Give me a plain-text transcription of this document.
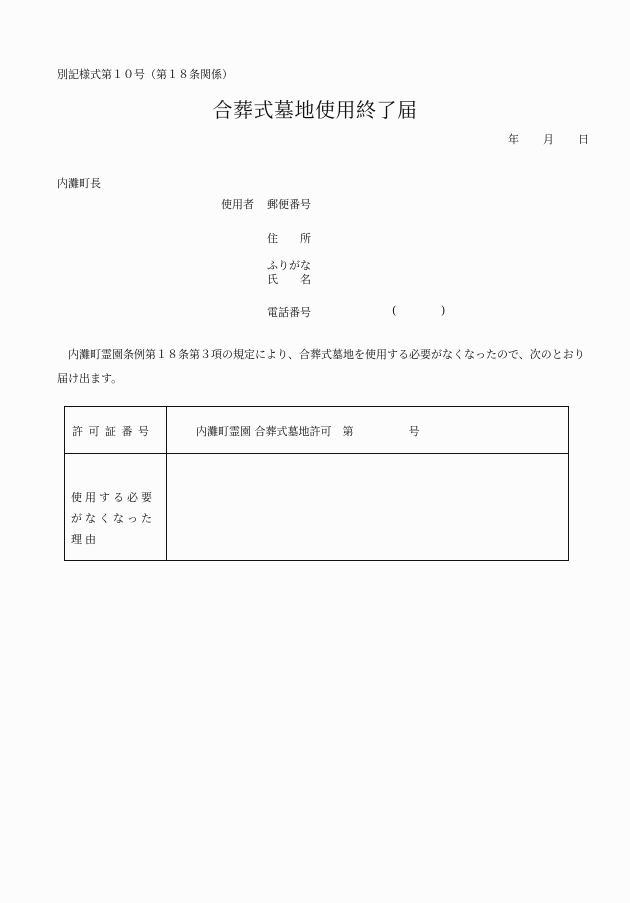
別記様式第１０号（第１８条関係）
合葬式墓地使用終了届
年 月 日
内灘町長
使用者 郵便番号
住　　所
ふりがな
氏　　名
電話番号	(	)
内灘町霊園条例第１８条第３項の規定により、合葬式墓地を使用する必要がなくなったので、次のとおり届け出ます。
許可証番号	内灘町霊園 合葬式墓地許可　第　　　　　号
使用する必要がなくなった理由
